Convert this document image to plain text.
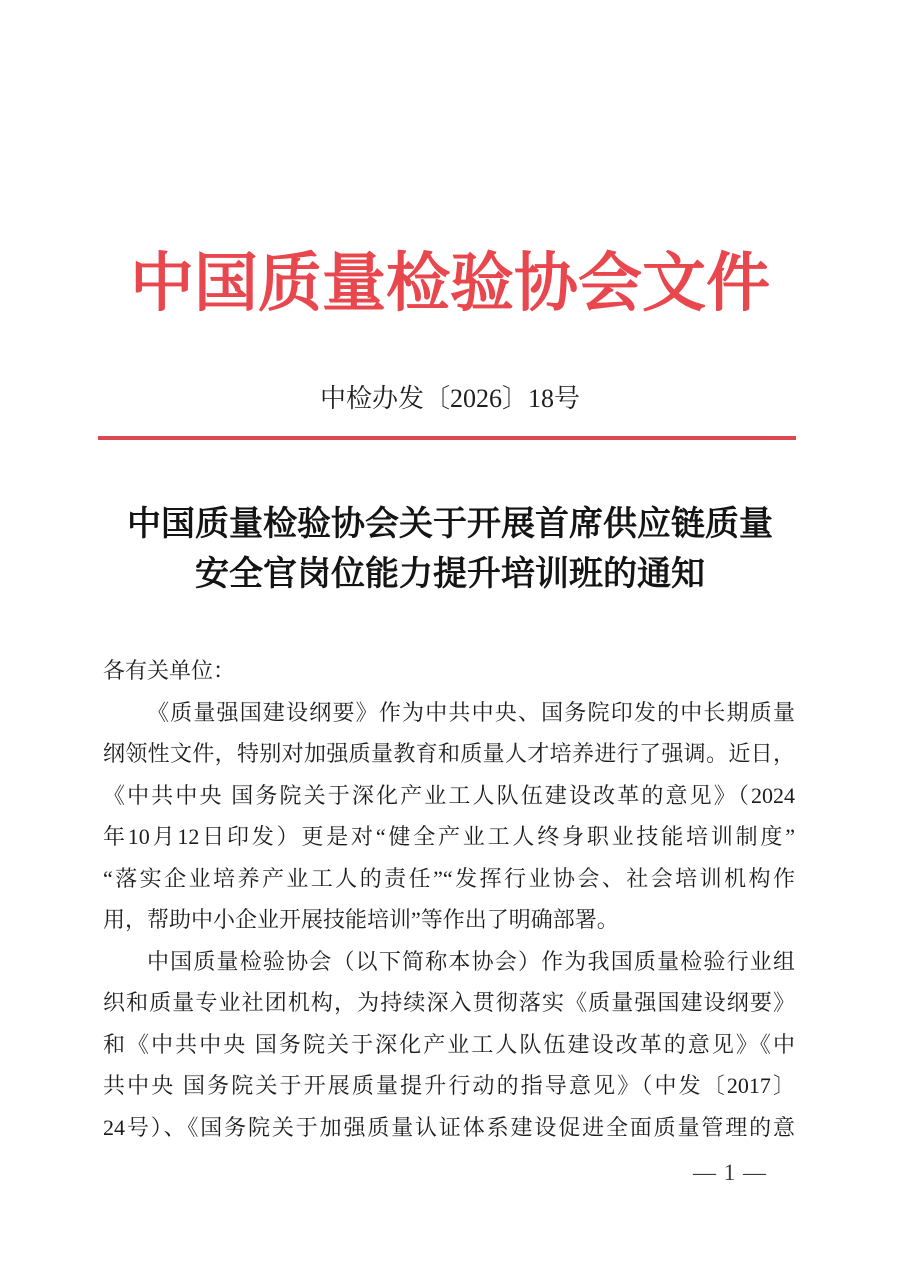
中国质量检验协会文件
中检办发〔2026〕18号
中国质量检验协会关于开展首席供应链质量
安全官岗位能力提升培训班的通知
各有关单位：
《质量强国建设纲要》作为中共中央、国务院印发的中长期质量
纲领性文件，特别对加强质量教育和质量人才培养进行了强调。近日，
《中共中央 国务院关于深化产业工人队伍建设改革的意见》（2024
年10月12日印发）更是对“健全产业工人终身职业技能培训制度”
“落实企业培养产业工人的责任”“发挥行业协会、社会培训机构作
用，帮助中小企业开展技能培训”等作出了明确部署。
中国质量检验协会（以下简称本协会）作为我国质量检验行业组
织和质量专业社团机构，为持续深入贯彻落实《质量强国建设纲要》
和《中共中央 国务院关于深化产业工人队伍建设改革的意见》《中
共中央 国务院关于开展质量提升行动的指导意见》（中发〔2017〕
24号）、《国务院关于加强质量认证体系建设促进全面质量管理的意
— 1 —
